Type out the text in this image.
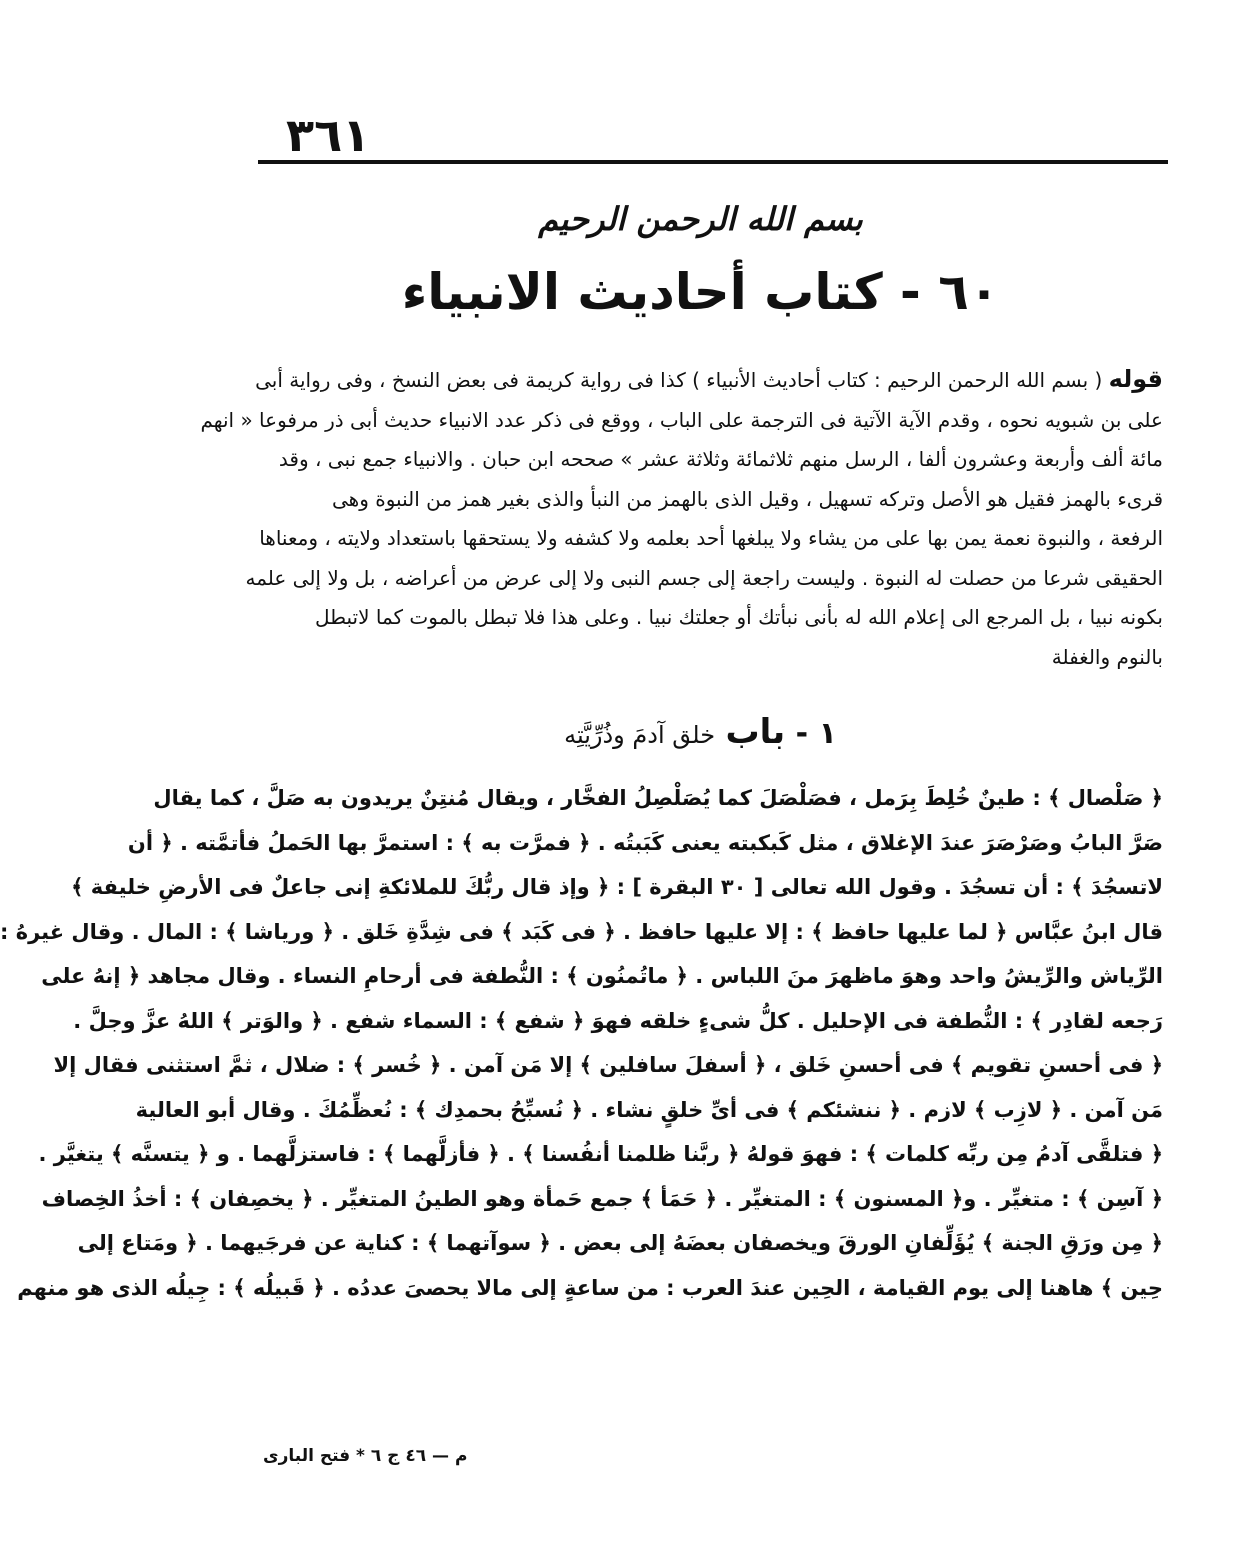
٣٦١
بسم الله الرحمن الرحيم
٦٠ - كتاب أحاديث الانبياء
قوله ( بسم الله الرحمن الرحيم : كتاب أحاديث الأنبياء ) كذا فى رواية كريمة فى بعض النسخ ، وفى رواية أبى
على بن شبويه نحوه ، وقدم الآية الآتية فى الترجمة على الباب ، ووقع فى ذكر عدد الانبياء حديث أبى ذر مرفوعا « انهم
مائة ألف وأربعة وعشرون ألفا ، الرسل منهم ثلاثمائة وثلاثة عشر » صححه ابن حبان . والانبياء جمع نبى ، وقد
قرىء بالهمز فقيل هو الأصل وتركه تسهيل ، وقيل الذى بالهمز من النبأ والذى بغير همز من النبوة وهى
الرفعة ، والنبوة نعمة يمن بها على من يشاء ولا يبلغها أحد بعلمه ولا كشفه ولا يستحقها باستعداد ولايته ، ومعناها
الحقيقى شرعا من حصلت له النبوة . وليست راجعة إلى جسم النبى ولا إلى عرض من أعراضه ، بل ولا إلى علمه
بكونه نبيا ، بل المرجع الى إعلام الله له بأنى نبأتك أو جعلتك نبيا . وعلى هذا فلا تبطل بالموت كما لاتبطل
بالنوم والغفلة
١ - باب خلق آدمَ وذُرِّيَّتِه
﴿ صَلْصال ﴾ : طينٌ خُلِطَ بِرَمل ، فصَلْصَلَ كما يُصَلْصِلُ الفخَّار ، ويقال مُنتِنٌ يريدون به صَلَّ ، كما يقال
صَرَّ البابُ وصَرْصَرَ عندَ الإغلاق ، مثل كَبكبته يعنى كَبَبتُه . ﴿ فمرَّت به ﴾ : استمرَّ بها الحَملُ فأتمَّته . ﴿ أن
لاتسجُدَ ﴾ : أن تسجُدَ . وقول الله تعالى [ ٣٠ البقرة ] : ﴿ وإذ قال ربُّكَ للملائكةِ إنى جاعلٌ فى الأرضِ خليفة ﴾
قال ابنُ عبَّاس ﴿ لما عليها حافظ ﴾ : إلا عليها حافظ . ﴿ فى كَبَد ﴾ فى شِدَّةِ خَلق . ﴿ ورياشا ﴾ : المال . وقال غيرهُ :
الرِّياش والرِّيشُ واحد وهوَ ماظهرَ منَ اللباس . ﴿ ماتُمنُون ﴾ : النُّطفة فى أرحامِ النساء . وقال مجاهد ﴿ إنهُ على
رَجعه لقادِر ﴾ : النُّطفة فى الإحليل . كلُّ شىءٍ خلقه فهوَ ﴿ شفع ﴾ : السماء شفع . ﴿ والوَتر ﴾ اللهُ عزَّ وجلَّ .
﴿ فى أحسنِ تقويم ﴾ فى أحسنِ خَلق ، ﴿ أسفلَ سافلين ﴾ إلا مَن آمن . ﴿ خُسر ﴾ : ضلال ، ثمَّ استثنى فقال إلا
مَن آمن . ﴿ لازِب ﴾ لازم . ﴿ ننشئكم ﴾ فى أىِّ خلقٍ نشاء . ﴿ نُسبِّحُ بحمدِك ﴾ : نُعظِّمُكَ . وقال أبو العالية
﴿ فتلقَّى آدمُ مِن ربِّه كلمات ﴾ : فهوَ قولهُ ﴿ ربَّنا ظلمنا أنفُسنا ﴾ . ﴿ فأزلَّهما ﴾ : فاستزلَّهما . و ﴿ يتسنَّه ﴾ يتغيَّر .
﴿ آسِن ﴾ : متغيِّر . و﴿ المسنون ﴾ : المتغيِّر . ﴿ حَمَأ ﴾ جمع حَمأة وهو الطينُ المتغيِّر . ﴿ يخصِفان ﴾ : أخذُ الخِصاف
﴿ مِن ورَقِ الجنة ﴾ يُؤَلِّفانِ الورقَ ويخصفان بعضَهُ إلى بعض . ﴿ سوآتهما ﴾ : كناية عن فرجَيهما . ﴿ ومَتاع إلى
حِين ﴾ هاهنا إلى يوم القيامة ، الحِين عندَ العرب : من ساعةٍ إلى مالا يحصىَ عددُه . ﴿ قَبيلُه ﴾ : جِيلُه الذى هو منهم
م — ٤٦ ج ٦ * فتح البارى
